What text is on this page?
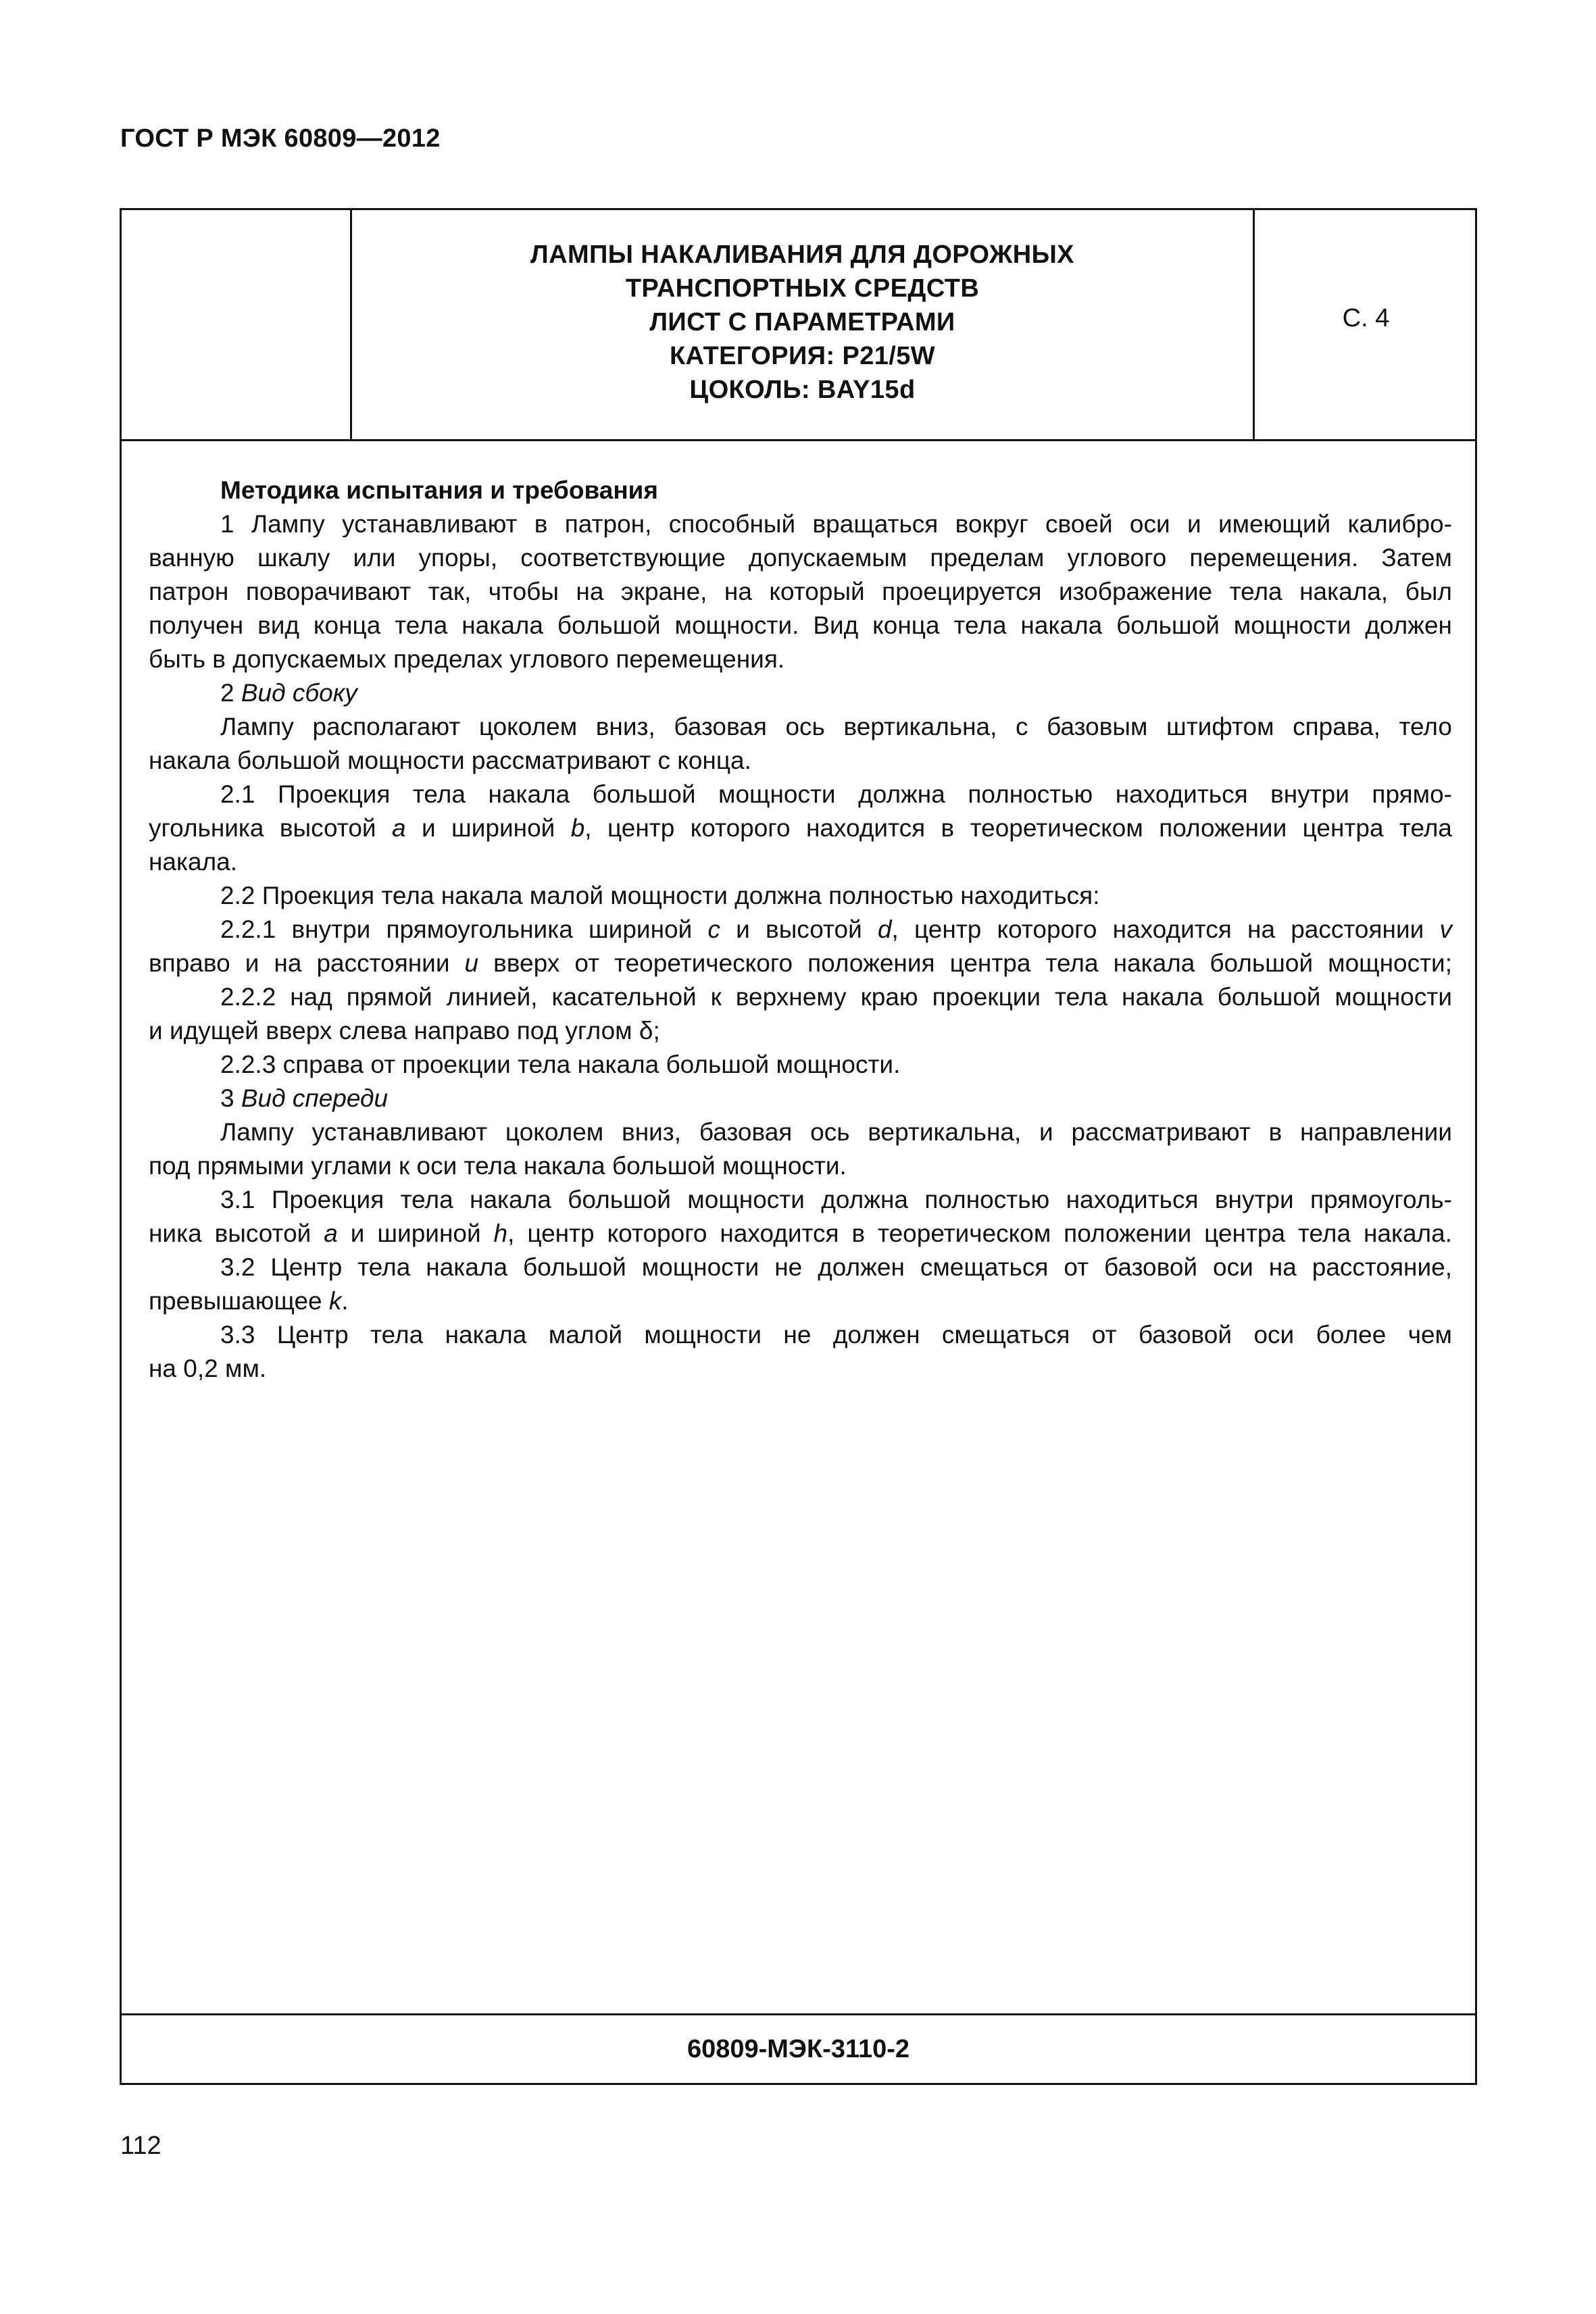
ГОСТ Р МЭК 60809—2012
ЛАМПЫ НАКАЛИВАНИЯ ДЛЯ ДОРОЖНЫХ
ТРАНСПОРТНЫХ СРЕДСТВ
ЛИСТ С ПАРАМЕТРАМИ
КАТЕГОРИЯ: P21/5W
ЦОКОЛЬ: BAY15d
С. 4
Методика испытания и требования
1 Лампу устанавливают в патрон, способный вращаться вокруг своей оси и имеющий калибро-
ванную шкалу или упоры, соответствующие допускаемым пределам углового перемещения. Затем
патрон поворачивают так, чтобы на экране, на который проецируется изображение тела накала, был
получен вид конца тела накала большой мощности. Вид конца тела накала большой мощности должен
быть в допускаемых пределах углового перемещения.
2 Вид сбоку
Лампу располагают цоколем вниз, базовая ось вертикальна, с базовым штифтом справа, тело
накала большой мощности рассматривают с конца.
2.1 Проекция тела накала большой мощности должна полностью находиться внутри прямо-
угольника высотой а и шириной b, центр которого находится в теоретическом положении центра тела
накала.
2.2 Проекция тела накала малой мощности должна полностью находиться:
2.2.1 внутри прямоугольника шириной с и высотой d, центр которого находится на расстоянии v
вправо и на расстоянии u вверх от теоретического положения центра тела накала большой мощности;
2.2.2 над прямой линией, касательной к верхнему краю проекции тела накала большой мощности
и идущей вверх слева направо под углом δ;
2.2.3 справа от проекции тела накала большой мощности.
3 Вид спереди
Лампу устанавливают цоколем вниз, базовая ось вертикальна, и рассматривают в направлении
под прямыми углами к оси тела накала большой мощности.
3.1 Проекция тела накала большой мощности должна полностью находиться внутри прямоуголь-
ника высотой а и шириной h, центр которого находится в теоретическом положении центра тела накала.
3.2 Центр тела накала большой мощности не должен смещаться от базовой оси на расстояние,
превышающее k.
3.3 Центр тела накала малой мощности не должен смещаться от базовой оси более чем
на 0,2 мм.
60809-МЭК-3110-2
112
